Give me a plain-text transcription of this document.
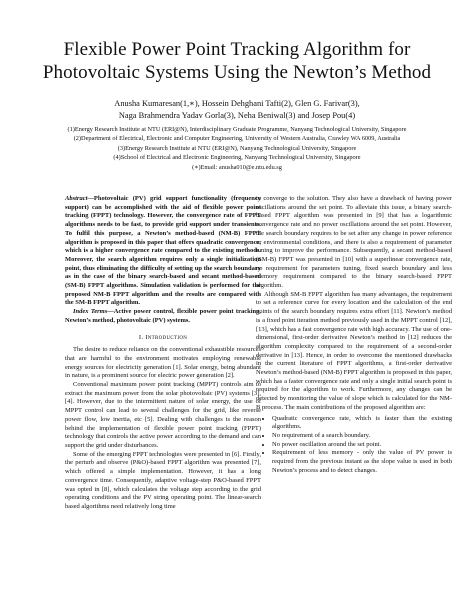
Flexible Power Point Tracking Algorithm for
Photovoltaic Systems Using the Newton’s Method
Anusha Kumaresan(1,∗), Hossein Dehghani Tafti(2), Glen G. Farivar(3),
Naga Brahmendra Yadav Gorla(3), Neha Beniwal(3) and Josep Pou(4)
(1)Energy Research Institute at NTU (ERI@N), Interdisciplinary Graduate Programme, Nanyang Technological University, Singapore
(2)Department of Electrical, Electronic and Computer Engineering, University of Western Australia, Crawley WA 6009, Australia
(3)Energy Research Institute at NTU (ERI@N), Nanyang Technological University, Singapore
(4)School of Electrical and Electronic Engineering, Nanyang Technological University, Singapore
(∗)Email: anusha010@e.ntu.edu.sg

Abstract—Photovoltaic (PV) grid support functionality (frequency support) can be accomplished with the aid of flexible power point tracking (FPPT) technology. However, the convergence rate of FPPT algorithms needs to be fast, to provide grid support under transients. To fulfil this purpose, a Newton’s method-based (NM-B) FPPT algorithm is proposed in this paper that offers quadratic convergence, which is a higher convergence rate compared to the existing methods. Moreover, the search algorithm requires only a single initialization point, thus eliminating the difficulty of setting up the search boundary as in the case of the binary search-based and secant method-based (SM-B) FPPT algorithms. Simulation validation is performed for the proposed NM-B FPPT algorithm and the results are compared with the SM-B FPPT algorithm.

Index Terms—Active power control, flexible power point tracking, Newton’s method, photovoltaic (PV) systems.

I. Introduction

The desire to reduce reliance on the conventional exhaustible resources that are harmful to the environment motivates employing renewable energy sources for electricity generation [1]. Solar energy, being abundant in nature, is a prominent source for electric power generation [2].

Conventional maximum power point tracking (MPPT) controls aim to extract the maximum power from the solar photovoltaic (PV) systems [3], [4]. However, due to the intermittent nature of solar energy, the use of MPPT control can lead to several challenges for the grid, like reverse power flow, low inertia, etc [5]. Dealing with challenges is the reason behind the implementation of flexible power point tracking (FPPT) technology that controls the active power according to the demand and can support the grid under disturbances.

Some of the emerging FPPT technologies were presented in [6]. Firstly, the perturb and observe (P&O)-based FPPT algorithm was presented [7], which offered a simple implementation. However, it has a long convergence time. Consequently, adaptive voltage-step P&O-based FPPT was opted in [8], which calculates the voltage step according to the grid operating conditions and the PV string operating point. The linear-search based algorithms need relatively long time

to converge to the solution. They also have a drawback of having power oscillations around the set point. To alleviate this issue, a binary search-based FPPT algorithm was presented in [9] that has a logarithmic convergence rate and no power oscillations around the set point. However, the search boundary requires to be set after any change in power reference or environmental conditions, and there is also a requirement of parameter tuning to improve the performance. Subsequently, a secant method-based (SM-B) FPPT was presented in [10] with a superlinear convergence rate, no requirement for parameters tuning, fixed search boundary and less memory requirement compared to the binary search-based FPPT algorithm.

Although SM-B FPPT algorithm has many advantages, the requirement to set a reference curve for every location and the calculation of the end points of the search boundary requires extra effort [11]. Newton’s method is a fixed point iteration method previously used in the MPPT control [12], [13], which has a fast convergence rate with high accuracy. The use of one-dimensional, first-order derivative Newton’s method in [12] reduces the algorithm complexity compared to the requirement of a second-order derivative in [13]. Hence, in order to overcome the mentioned drawbacks in the current literature of FPPT algorithms, a first-order derivative Newton’s method-based (NM-B) FPPT algorithm is proposed in this paper, which has a faster convergence rate and only a single initial search point is required for the algorithm to work. Furthermore, any changes can be detected by monitoring the value of slope which is calculated for the NM-B process. The main contributions of the proposed algorithm are:

• Quadratic convergence rate, which is faster than the existing algorithms.
• No requirement of a search boundary.
• No power oscillation around the set point.
• Requirement of less memory - only the value of PV power is required from the previous instant as the slope value is used in both Newton’s process and to detect changes.
